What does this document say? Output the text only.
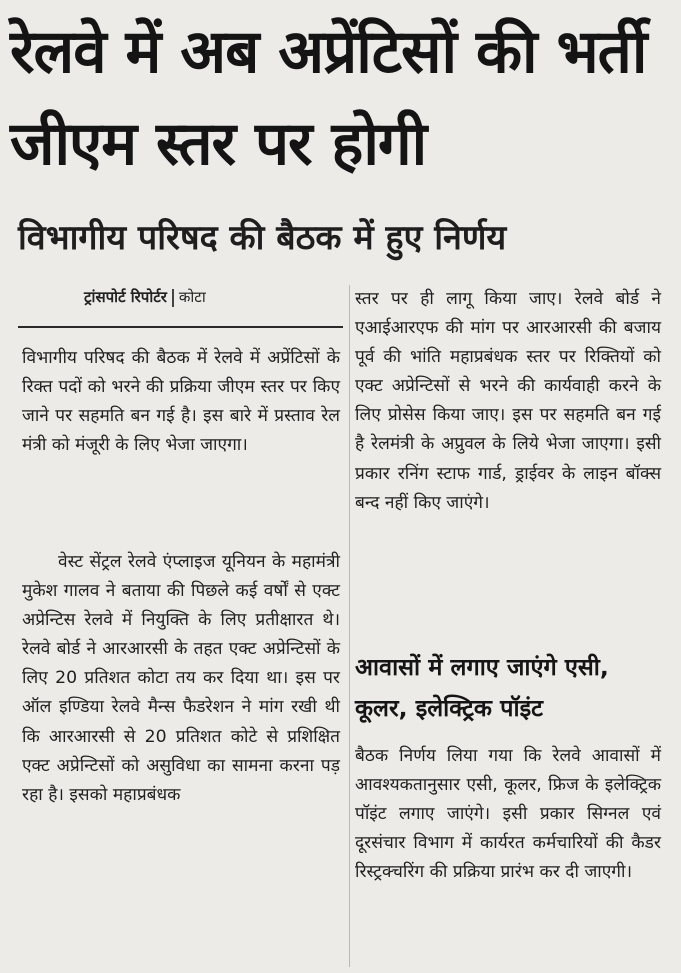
रेलवे में अब अप्रेंटिसों की भर्ती जीएम स्तर पर होगी
विभागीय परिषद की बैठक में हुए निर्णय
ट्रांसपोर्ट रिपोर्टर कोटा

विभागीय परिषद की बैठक में रेलवे में अप्रेंटिसों के रिक्त पदों को भरने की प्रक्रिया जीएम स्तर पर किए जाने पर सहमति बन गई है। इस बारे में प्रस्ताव रेल मंत्री को मंजूरी के लिए भेजा जाएगा।

वेस्ट सेंट्रल रेलवे एंप्लाइज यूनियन के महामंत्री मुकेश गालव ने बताया की पिछले कई वर्षों से एक्ट अप्रेन्टिस रेलवे में नियुक्ति के लिए प्रतीक्षारत थे। रेलवे बोर्ड ने आरआरसी के तहत एक्ट अप्रेन्टिसों के लिए 20 प्रतिशत कोटा तय कर दिया था। इस पर ऑल इण्डिया रेलवे मैन्स फैडरेशन ने मांग रखी थी कि आरआरसी से 20 प्रतिशत कोटे से प्रशिक्षित एक्ट अप्रेन्टिसों को असुविधा का सामना करना पड़ रहा है। इसको महाप्रबंधक

स्तर पर ही लागू किया जाए। रेलवे बोर्ड ने एआईआरएफ की मांग पर आरआरसी की बजाय पूर्व की भांति महाप्रबंधक स्तर पर रिक्तियों को एक्ट अप्रेन्टिसों से भरने की कार्यवाही करने के लिए प्रोसेस किया जाए। इस पर सहमति बन गई है रेलमंत्री के अप्रुवल के लिये भेजा जाएगा। इसी प्रकार रनिंग स्टाफ गार्ड, ड्राईवर के लाइन बॉक्स बन्द नहीं किए जाएंगे।

आवासों में लगाए जाएंगे एसी, कूलर, इलेक्ट्रिक पॉइंट

बैठक निर्णय लिया गया कि रेलवे आवासों में आवश्यकतानुसार एसी, कूलर, फ्रिज के इलेक्ट्रिक पॉइंट लगाए जाएंगे। इसी प्रकार सिग्नल एवं दूरसंचार विभाग में कार्यरत कर्मचारियों की कैडर रिस्ट्रक्चरिंग की प्रक्रिया प्रारंभ कर दी जाएगी।
